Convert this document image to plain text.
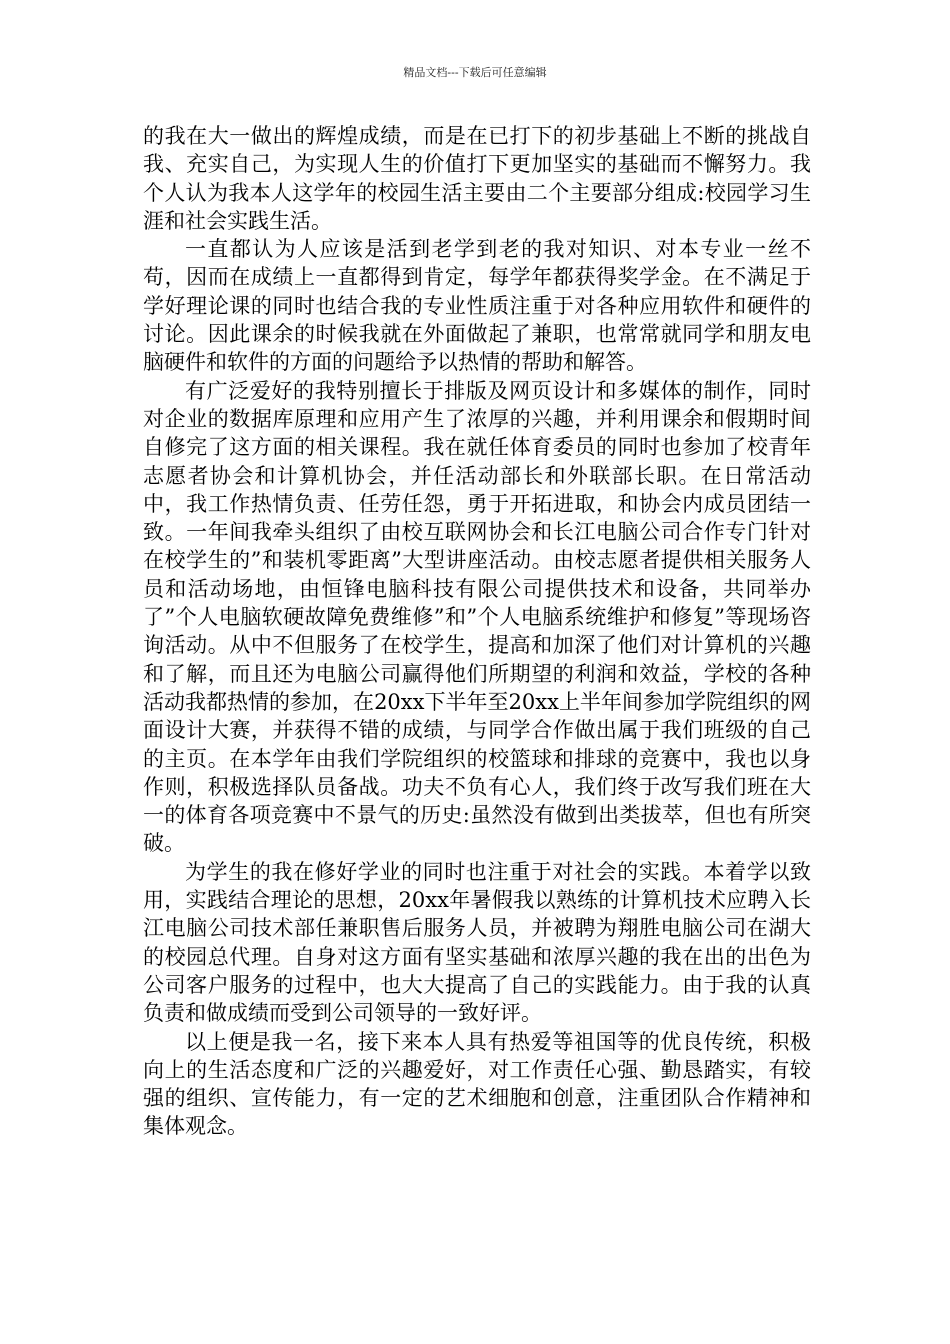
精品文档---下载后可任意编辑

的我在大一做出的辉煌成绩，而是在已打下的初步基础上不断的挑战自我、充实自己，为实现人生的价值打下更加坚实的基础而不懈努力。我个人认为我本人这学年的校园生活主要由二个主要部分组成:校园学习生涯和社会实践生活。

一直都认为人应该是活到老学到老的我对知识、对本专业一丝不苟，因而在成绩上一直都得到肯定，每学年都获得奖学金。在不满足于学好理论课的同时也结合我的专业性质注重于对各种应用软件和硬件的讨论。因此课余的时候我就在外面做起了兼职，也常常就同学和朋友电脑硬件和软件的方面的问题给予以热情的帮助和解答。

有广泛爱好的我特别擅长于排版及网页设计和多媒体的制作，同时对企业的数据库原理和应用产生了浓厚的兴趣，并利用课余和假期时间自修完了这方面的相关课程。我在就任体育委员的同时也参加了校青年志愿者协会和计算机协会，并任活动部长和外联部长职。在日常活动中，我工作热情负责、任劳任怨，勇于开拓进取，和协会内成员团结一致。一年间我牵头组织了由校互联网协会和长江电脑公司合作专门针对在校学生的”和装机零距离”大型讲座活动。由校志愿者提供相关服务人员和活动场地，由恒锋电脑科技有限公司提供技术和设备，共同举办了”个人电脑软硬故障免费维修”和”个人电脑系统维护和修复”等现场咨询活动。从中不但服务了在校学生，提高和加深了他们对计算机的兴趣和了解，而且还为电脑公司赢得他们所期望的利润和效益，学校的各种活动我都热情的参加，在20xx下半年至20xx上半年间参加学院组织的网面设计大赛，并获得不错的成绩，与同学合作做出属于我们班级的自己的主页。在本学年由我们学院组织的校篮球和排球的竞赛中，我也以身作则，积极选择队员备战。功夫不负有心人，我们终于改写我们班在大一的体育各项竞赛中不景气的历史:虽然没有做到出类拔萃，但也有所突破。

为学生的我在修好学业的同时也注重于对社会的实践。本着学以致用，实践结合理论的思想，20xx年暑假我以熟练的计算机技术应聘入长江电脑公司技术部任兼职售后服务人员，并被聘为翔胜电脑公司在湖大的校园总代理。自身对这方面有坚实基础和浓厚兴趣的我在出的出色为公司客户服务的过程中，也大大提高了自己的实践能力。由于我的认真负责和做成绩而受到公司领导的一致好评。

以上便是我一名，接下来本人具有热爱等祖国等的优良传统，积极向上的生活态度和广泛的兴趣爱好，对工作责任心强、勤恳踏实，有较强的组织、宣传能力，有一定的艺术细胞和创意，注重团队合作精神和集体观念。
